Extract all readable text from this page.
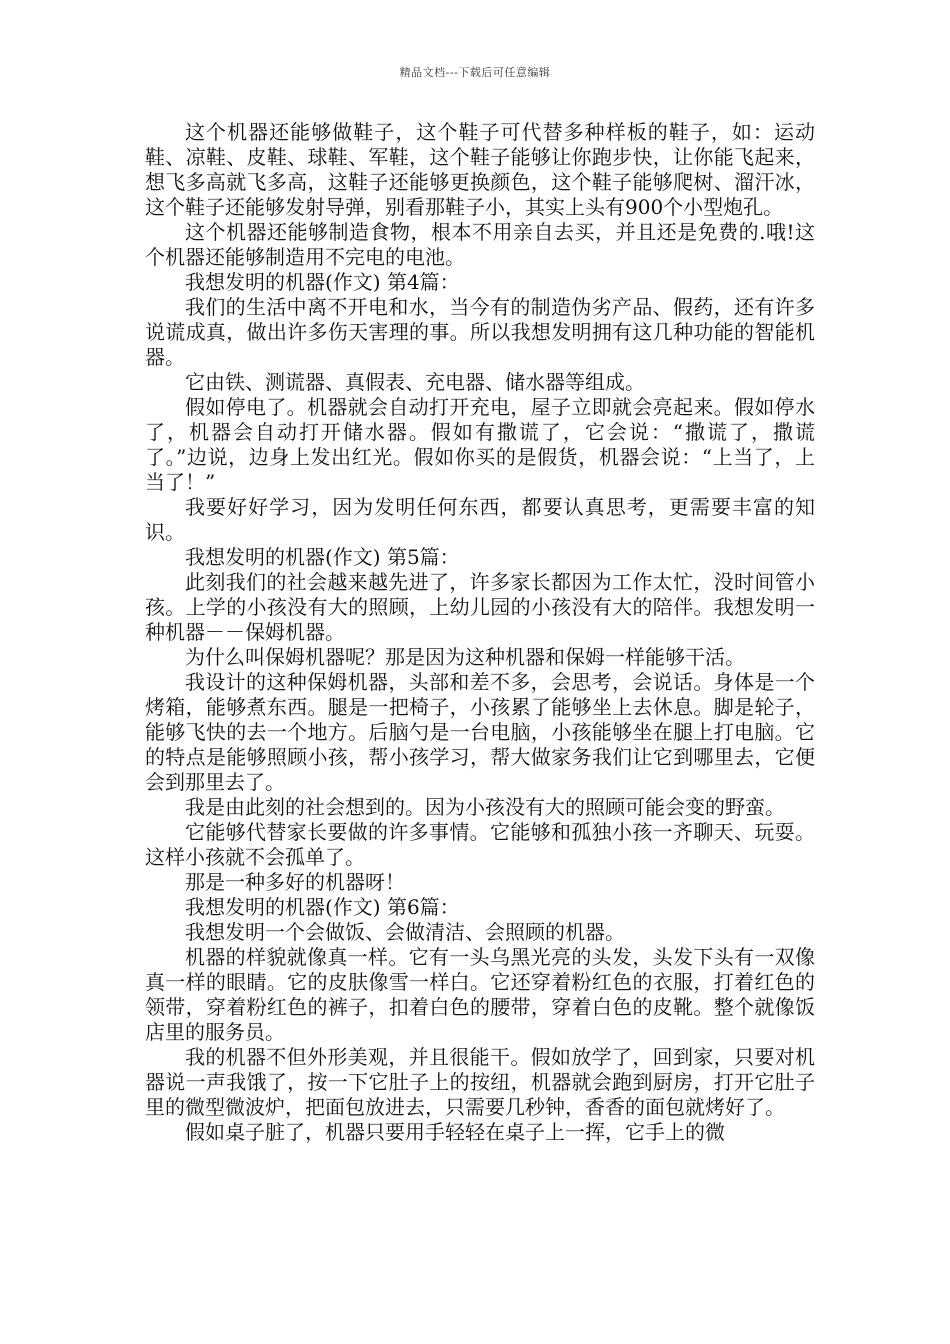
精品文档---下载后可任意编辑

这个机器还能够做鞋子，这个鞋子可代替多种样板的鞋子，如：运动鞋、凉鞋、皮鞋、球鞋、军鞋，这个鞋子能够让你跑步快，让你能飞起来，想飞多高就飞多高，这鞋子还能够更换颜色，这个鞋子能够爬树、溜汗冰，这个鞋子还能够发射导弹，别看那鞋子小，其实上头有900个小型炮孔。

这个机器还能够制造食物，根本不用亲自去买，并且还是免费的.哦!这个机器还能够制造用不完电的电池。

我想发明的机器(作文) 第4篇：

我们的生活中离不开电和水，当今有的制造伪劣产品、假药，还有许多说谎成真，做出许多伤天害理的事。所以我想发明拥有这几种功能的智能机器。

它由铁、测谎器、真假表、充电器、储水器等组成。

假如停电了。机器就会自动打开充电，屋子立即就会亮起来。假如停水了，机器会自动打开储水器。假如有撒谎了，它会说：“撒谎了，撒谎了。”边说，边身上发出红光。假如你买的是假货，机器会说：“上当了，上当了！”

我要好好学习，因为发明任何东西，都要认真思考，更需要丰富的知识。

我想发明的机器(作文) 第5篇：

此刻我们的社会越来越先进了，许多家长都因为工作太忙，没时间管小孩。上学的小孩没有大的照顾，上幼儿园的小孩没有大的陪伴。我想发明一种机器－－保姆机器。

为什么叫保姆机器呢？那是因为这种机器和保姆一样能够干活。

我设计的这种保姆机器，头部和差不多，会思考，会说话。身体是一个烤箱，能够煮东西。腿是一把椅子，小孩累了能够坐上去休息。脚是轮子，能够飞快的去一个地方。后脑勺是一台电脑，小孩能够坐在腿上打电脑。它的特点是能够照顾小孩，帮小孩学习，帮大做家务我们让它到哪里去，它便会到那里去了。

我是由此刻的社会想到的。因为小孩没有大的照顾可能会变的野蛮。

它能够代替家长要做的许多事情。它能够和孤独小孩一齐聊天、玩耍。这样小孩就不会孤单了。

那是一种多好的机器呀！

我想发明的机器(作文) 第6篇：

我想发明一个会做饭、会做清洁、会照顾的机器。

机器的样貌就像真一样。它有一头乌黑光亮的头发，头发下头有一双像真一样的眼睛。它的皮肤像雪一样白。它还穿着粉红色的衣服，打着红色的领带，穿着粉红色的裤子，扣着白色的腰带，穿着白色的皮靴。整个就像饭店里的服务员。

我的机器不但外形美观，并且很能干。假如放学了，回到家，只要对机器说一声我饿了，按一下它肚子上的按纽，机器就会跑到厨房，打开它肚子里的微型微波炉，把面包放进去，只需要几秒钟，香香的面包就烤好了。

假如桌子脏了，机器只要用手轻轻在桌子上一挥，它手上的微
